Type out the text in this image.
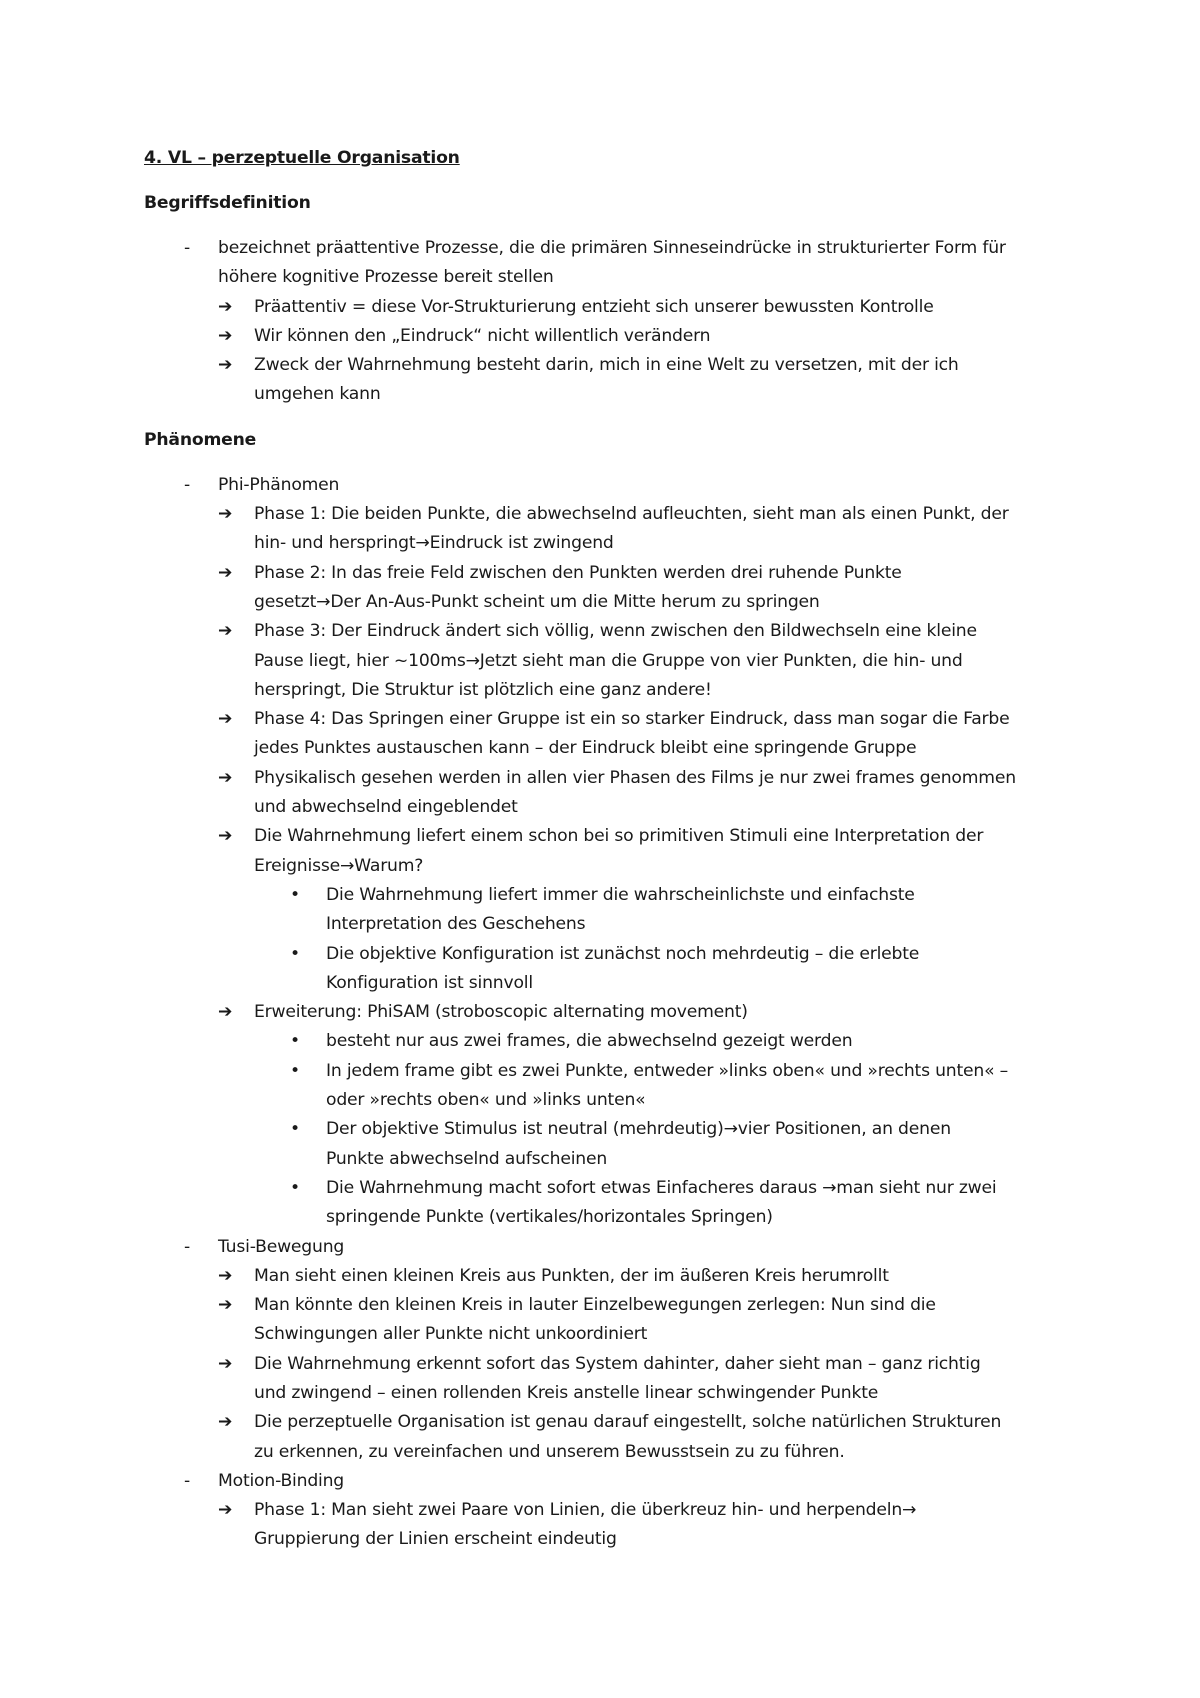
4. VL – perzeptuelle Organisation
Begriffsdefinition
-	bezeichnet präattentive Prozesse, die die primären Sinneseindrücke in strukturierter Form für
höhere kognitive Prozesse bereit stellen
➔	Präattentiv = diese Vor-Strukturierung entzieht sich unserer bewussten Kontrolle
➔	Wir können den „Eindruck“ nicht willentlich verändern
➔	Zweck der Wahrnehmung besteht darin, mich in eine Welt zu versetzen, mit der ich
umgehen kann
Phänomene
-	Phi-Phänomen
➔	Phase 1: Die beiden Punkte, die abwechselnd aufleuchten, sieht man als einen Punkt, der
hin- und herspringt→Eindruck ist zwingend
➔	Phase 2: In das freie Feld zwischen den Punkten werden drei ruhende Punkte
gesetzt→Der An-Aus-Punkt scheint um die Mitte herum zu springen
➔	Phase 3: Der Eindruck ändert sich völlig, wenn zwischen den Bildwechseln eine kleine
Pause liegt, hier ~100ms→Jetzt sieht man die Gruppe von vier Punkten, die hin- und
herspringt, Die Struktur ist plötzlich eine ganz andere!
➔	Phase 4: Das Springen einer Gruppe ist ein so starker Eindruck, dass man sogar die Farbe
jedes Punktes austauschen kann – der Eindruck bleibt eine springende Gruppe
➔	Physikalisch gesehen werden in allen vier Phasen des Films je nur zwei frames genommen
und abwechselnd eingeblendet
➔	Die Wahrnehmung liefert einem schon bei so primitiven Stimuli eine Interpretation der
Ereignisse→Warum?
•	Die Wahrnehmung liefert immer die wahrscheinlichste und einfachste
Interpretation des Geschehens
•	Die objektive Konfiguration ist zunächst noch mehrdeutig – die erlebte
Konfiguration ist sinnvoll
➔	Erweiterung: PhiSAM (stroboscopic alternating movement)
•	besteht nur aus zwei frames, die abwechselnd gezeigt werden
•	In jedem frame gibt es zwei Punkte, entweder »links oben« und »rechts unten« –
oder »rechts oben« und »links unten«
•	Der objektive Stimulus ist neutral (mehrdeutig)→vier Positionen, an denen
Punkte abwechselnd aufscheinen
•	Die Wahrnehmung macht sofort etwas Einfacheres daraus →man sieht nur zwei
springende Punkte (vertikales/horizontales Springen)
-	Tusi-Bewegung
➔	Man sieht einen kleinen Kreis aus Punkten, der im äußeren Kreis herumrollt
➔	Man könnte den kleinen Kreis in lauter Einzelbewegungen zerlegen: Nun sind die
Schwingungen aller Punkte nicht unkoordiniert
➔	Die Wahrnehmung erkennt sofort das System dahinter, daher sieht man – ganz richtig
und zwingend – einen rollenden Kreis anstelle linear schwingender Punkte
➔	Die perzeptuelle Organisation ist genau darauf eingestellt, solche natürlichen Strukturen
zu erkennen, zu vereinfachen und unserem Bewusstsein zu zu führen.
-	Motion-Binding
➔	Phase 1: Man sieht zwei Paare von Linien, die überkreuz hin- und herpendeln→
Gruppierung der Linien erscheint eindeutig
